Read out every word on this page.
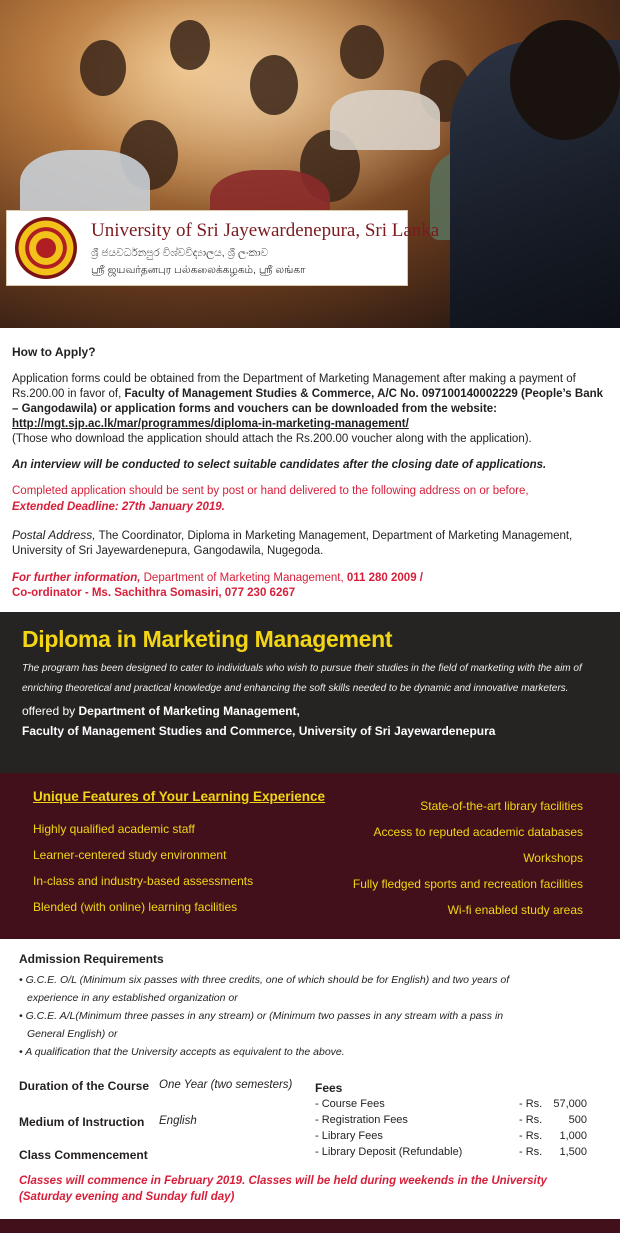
University of Sri Jayewardenepura, Sri Lanka
ශ්‍රී ජයවර්ධනපුර විශ්වවිද්‍යාලය, ශ්‍රී ලංකාව
ஸ்ரீ ஜயவர்தனபுர பல்கலைக்கழகம், ஸ்ரீ லங்கா
How to Apply?

Application forms could be obtained from the Department of Marketing Management after making a payment of Rs.200.00 in favor of, Faculty of Management Studies & Commerce, A/C No. 097100140002229 (People’s Bank – Gangodawila) or application forms and vouchers can be downloaded from the website:
http://mgt.sjp.ac.lk/mar/programmes/diploma-in-marketing-management/
(Those who download the application should attach the Rs.200.00 voucher along with the application).

An interview will be conducted to select suitable candidates after the closing date of applications.

Completed application should be sent by post or hand delivered to the following address on or before,

Extended Deadline: 27th January 2019.

Postal Address, The Coordinator, Diploma in Marketing Management, Department of Marketing Management, University of Sri Jayewardenepura, Gangodawila, Nugegoda.

For further information, Department of Marketing Management, 011 280 2009 /
Co-ordinator - Ms. Sachithra Somasiri, 077 230 6267

Diploma in Marketing Management

The program has been designed to cater to individuals who wish to pursue their studies in the field of marketing with the aim of enriching theoretical and practical knowledge and enhancing the soft skills needed to be dynamic and innovative marketers.

offered by Department of Marketing Management,
Faculty of Management Studies and Commerce, University of Sri Jayewardenepura

Unique Features of Your Learning Experience
Highly qualified academic staff
Learner-centered study environment
In-class and industry-based assessments
Blended (with online) learning facilities
State-of-the-art library facilities
Access to reputed academic databases
Workshops
Fully fledged sports and recreation facilities
Wi-fi enabled study areas
Admission Requirements
• G.C.E. O/L (Minimum six passes with three credits, one of which should be for English) and two years of
experience in any established organization or
• G.C.E. A/L(Minimum three passes in any stream) or (Minimum two passes in any stream with a pass in
General English) or
• A qualification that the University accepts as equivalent to the above.
Duration of the Course One Year (two semesters)
Medium of Instruction English
Class Commencement
Fees
- Course Fees	- Rs. 57,000
- Registration Fees	- Rs. 500
- Library Fees	- Rs. 1,000
- Library Deposit (Refundable)	- Rs. 1,500
Classes will commence in February 2019. Classes will be held during weekends in the University (Saturday evening and Sunday full day)
